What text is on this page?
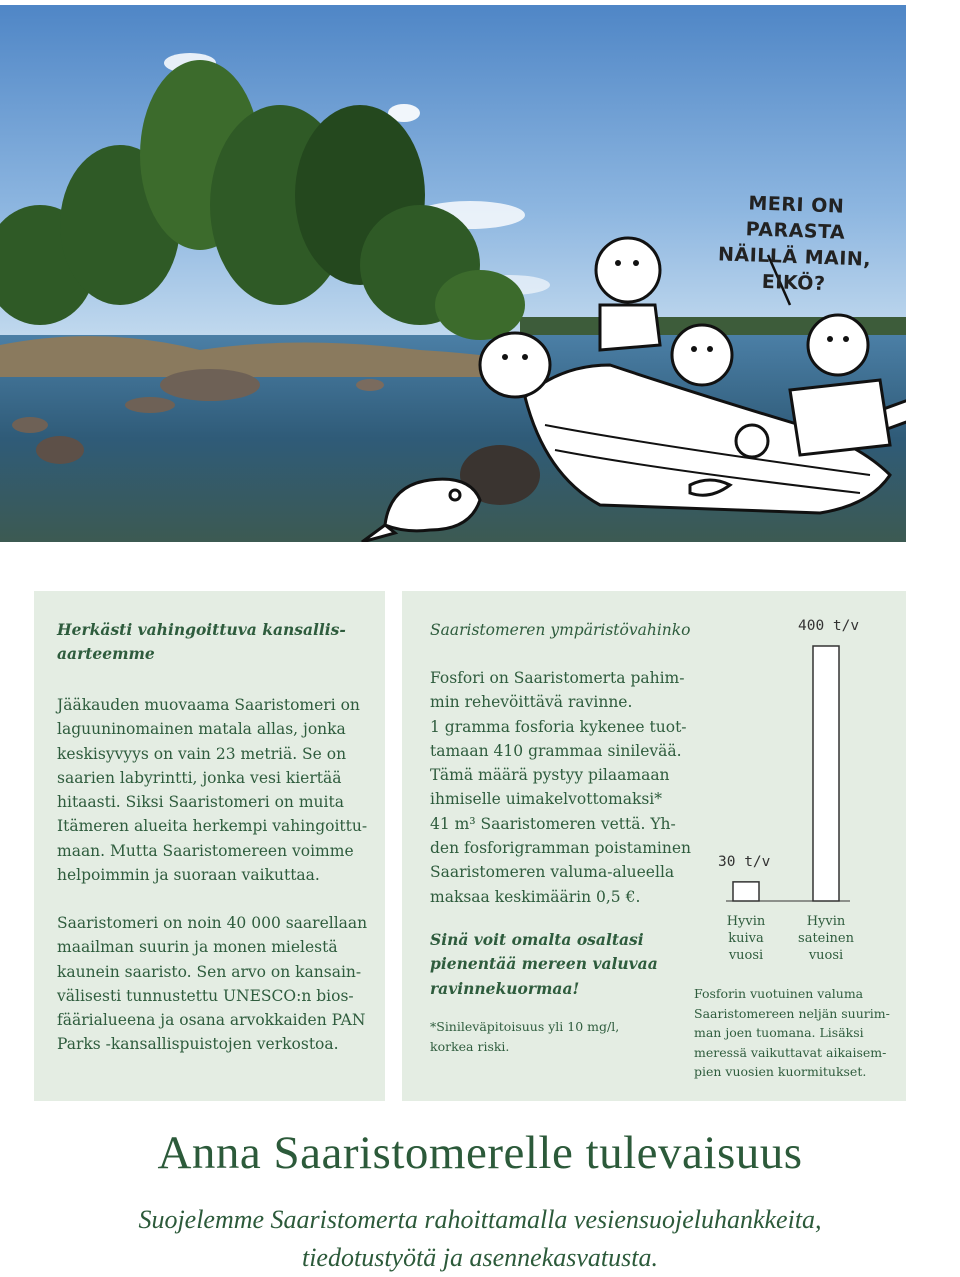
MERI ON PARASTA
NÄILLÄ MAIN, EIKÖ?
Herkästi vahingoittuva kansallis-
aarteemme
Jääkauden muovaama Saaristomeri on
laguuninomainen matala allas, jonka
keskisyvyys on vain 23 metriä. Se on
saarien labyrintti, jonka vesi kiertää
hitaasti. Siksi Saaristomeri on muita
Itämeren alueita herkempi vahingoittu-
maan. Mutta Saaristomereen voimme
helpoimmin ja suoraan vaikuttaa.
Saaristomeri on noin 40 000 saarellaan
maailman suurin ja monen mielestä
kaunein saaristo. Sen arvo on kansain-
välisesti tunnustettu UNESCO:n bios-
fäärialueena ja osana arvokkaiden PAN
Parks -kansallispuistojen verkostoa.
Saaristomeren ympäristövahinko
Fosfori on Saaristomerta pahim-
min rehevöittävä ravinne.
1 gramma fosforia kykenee tuot-
tamaan 410 grammaa sinilevää.
Tämä määrä pystyy pilaamaan
ihmiselle uimakelvottomaksi*
41 m³ Saaristomeren vettä. Yh-
den fosforigramman poistaminen
Saaristomeren valuma-alueella
maksaa keskimäärin 0,5 €.
Sinä voit omalta osaltasi
pienentää mereen valuvaa
ravinnekuormaa!
*Sinileväpitoisuus yli 10 mg/l,
korkea riski.
30 t/v
400 t/v
Hyvin
kuiva
vuosi
Hyvin
sateinen
vuosi
Fosforin vuotuinen valuma
Saaristomereen neljän suurim-
man joen tuomana. Lisäksi
meressä vaikuttavat aikaisem-
pien vuosien kuormitukset.
Anna Saaristomerelle tulevaisuus
Suojelemme Saaristomerta rahoittamalla vesiensuojeluhankkeita,
tiedotustyötä ja asennekasvatusta.
